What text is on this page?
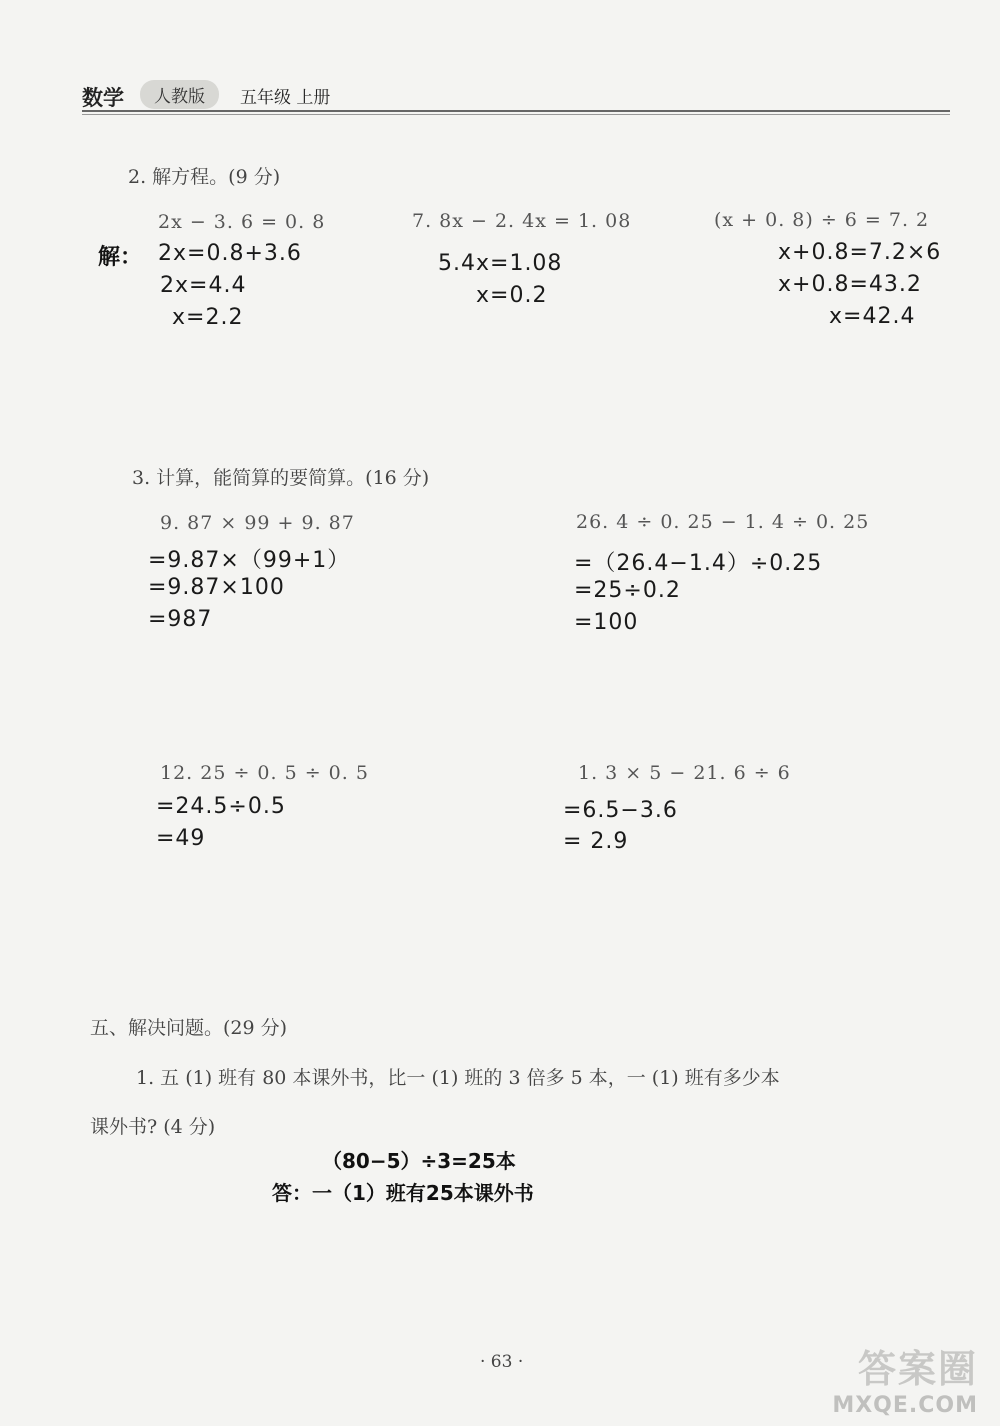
数学	人教版	五年级 上册
2. 解方程。(9 分)
解：
2x − 3. 6 = 0. 8
2x=0.8+3.6
2x=4.4
x=2.2
7. 8x − 2. 4x = 1. 08
5.4x=1.08
x=0.2
(x + 0. 8) ÷ 6 = 7. 2
x+0.8=7.2×6
x+0.8=43.2
x=42.4
3. 计算，能简算的要简算。(16 分)
9. 87 × 99 + 9. 87
=9.87×（99+1）
=9.87×100
=987
26. 4 ÷ 0. 25 − 1. 4 ÷ 0. 25
=（26.4−1.4）÷0.25
=25÷0.2
=100
12. 25 ÷ 0. 5 ÷ 0. 5
=24.5÷0.5
=49
1. 3 × 5 − 21. 6 ÷ 6
=6.5−3.6
= 2.9
五、解决问题。(29 分)
1. 五 (1) 班有 80 本课外书，比一 (1) 班的 3 倍多 5 本，一 (1) 班有多少本
课外书? (4 分)
（80−5）÷3=25本
答：一（1）班有25本课外书
· 63 ·	答案圈
MXQE.COM
